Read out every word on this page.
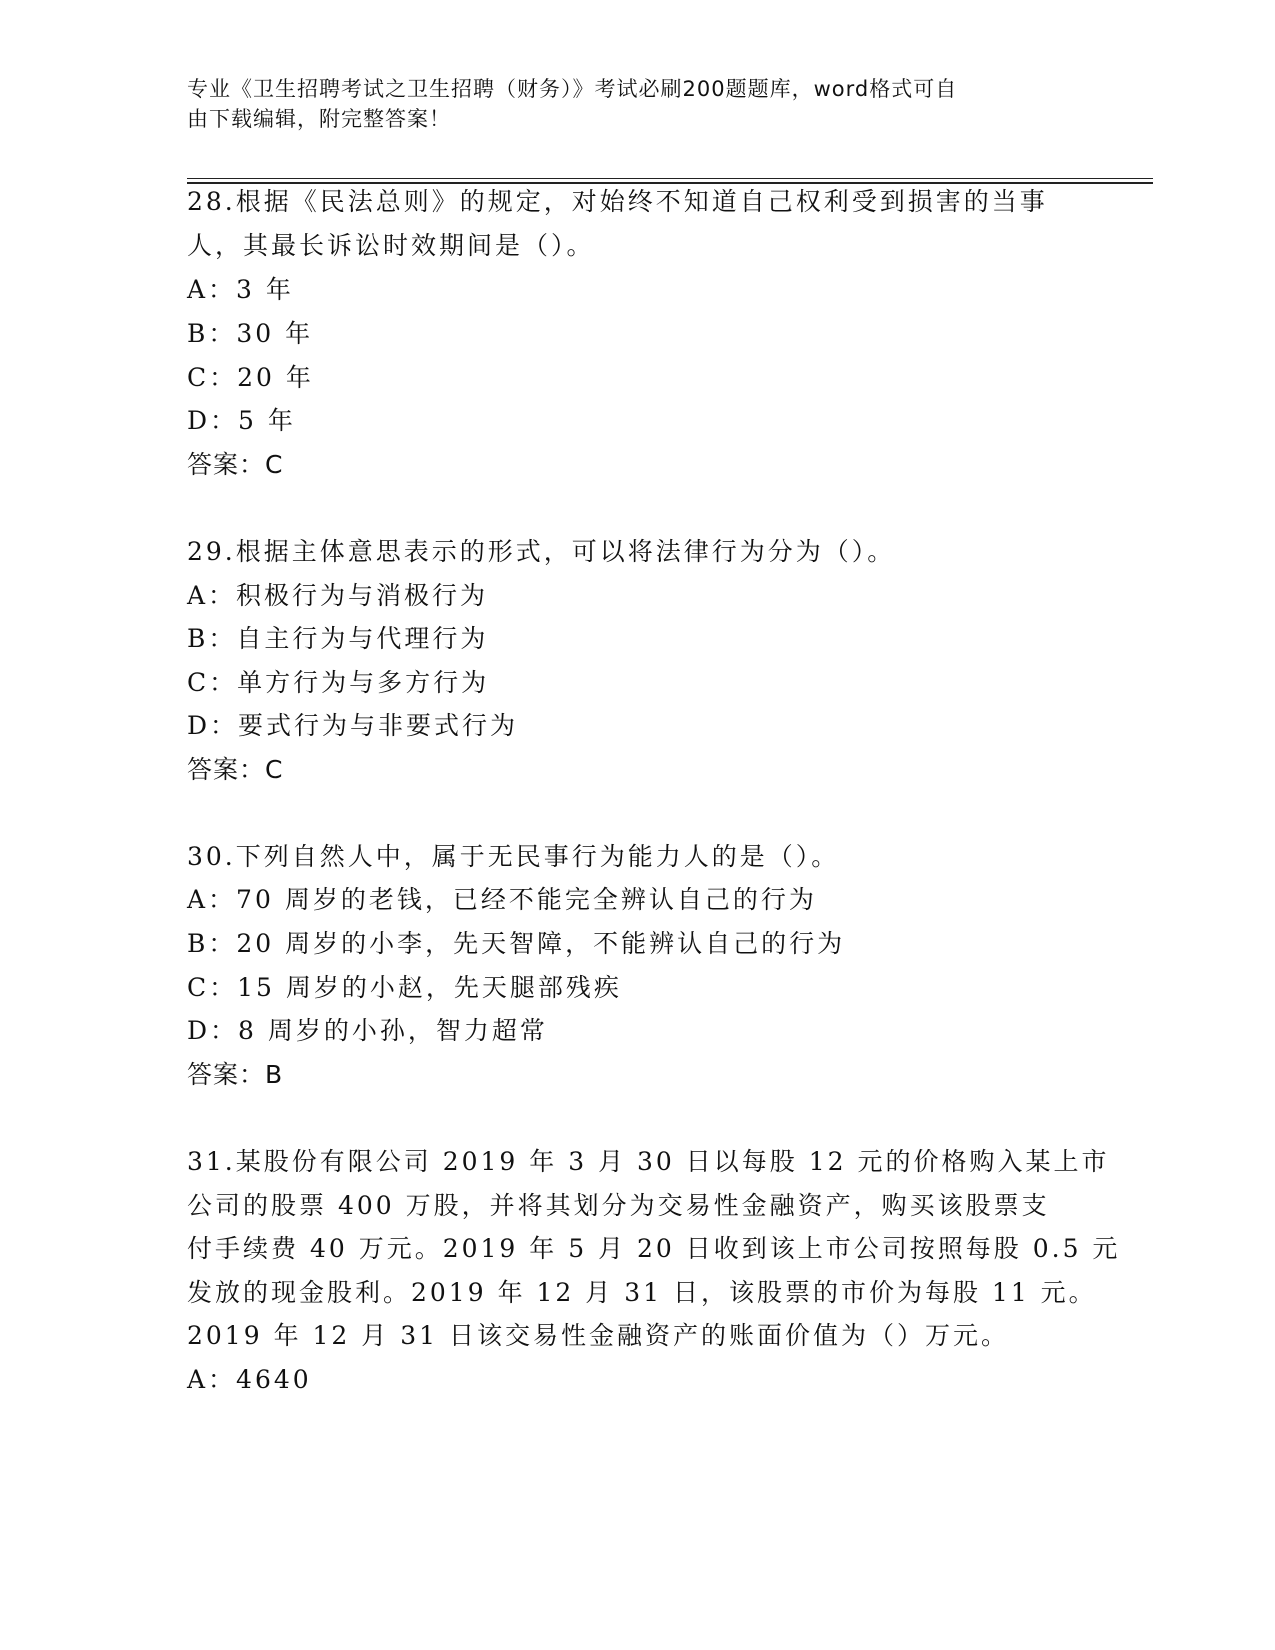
专业《卫生招聘考试之卫生招聘（财务）》考试必刷200题题库，word格式可自
由下载编辑，附完整答案！
28.根据《民法总则》的规定，对始终不知道自己权利受到损害的当事
人，其最长诉讼时效期间是（）。
A：3 年
B：30 年
C：20 年
D：5 年
答案：C
29.根据主体意思表示的形式，可以将法律行为分为（）。
A：积极行为与消极行为
B：自主行为与代理行为
C：单方行为与多方行为
D：要式行为与非要式行为
答案：C
30.下列自然人中，属于无民事行为能力人的是（）。
A：70 周岁的老钱，已经不能完全辨认自己的行为
B：20 周岁的小李，先天智障，不能辨认自己的行为
C：15 周岁的小赵，先天腿部残疾
D：8 周岁的小孙，智力超常
答案：B
31.某股份有限公司 2019 年 3 月 30 日以每股 12 元的价格购入某上市
公司的股票 400 万股，并将其划分为交易性金融资产，购买该股票支
付手续费 40 万元。2019 年 5 月 20 日收到该上市公司按照每股 0.5 元
发放的现金股利。2019 年 12 月 31 日，该股票的市价为每股 11 元。
2019 年 12 月 31 日该交易性金融资产的账面价值为（）万元。
A：4640
